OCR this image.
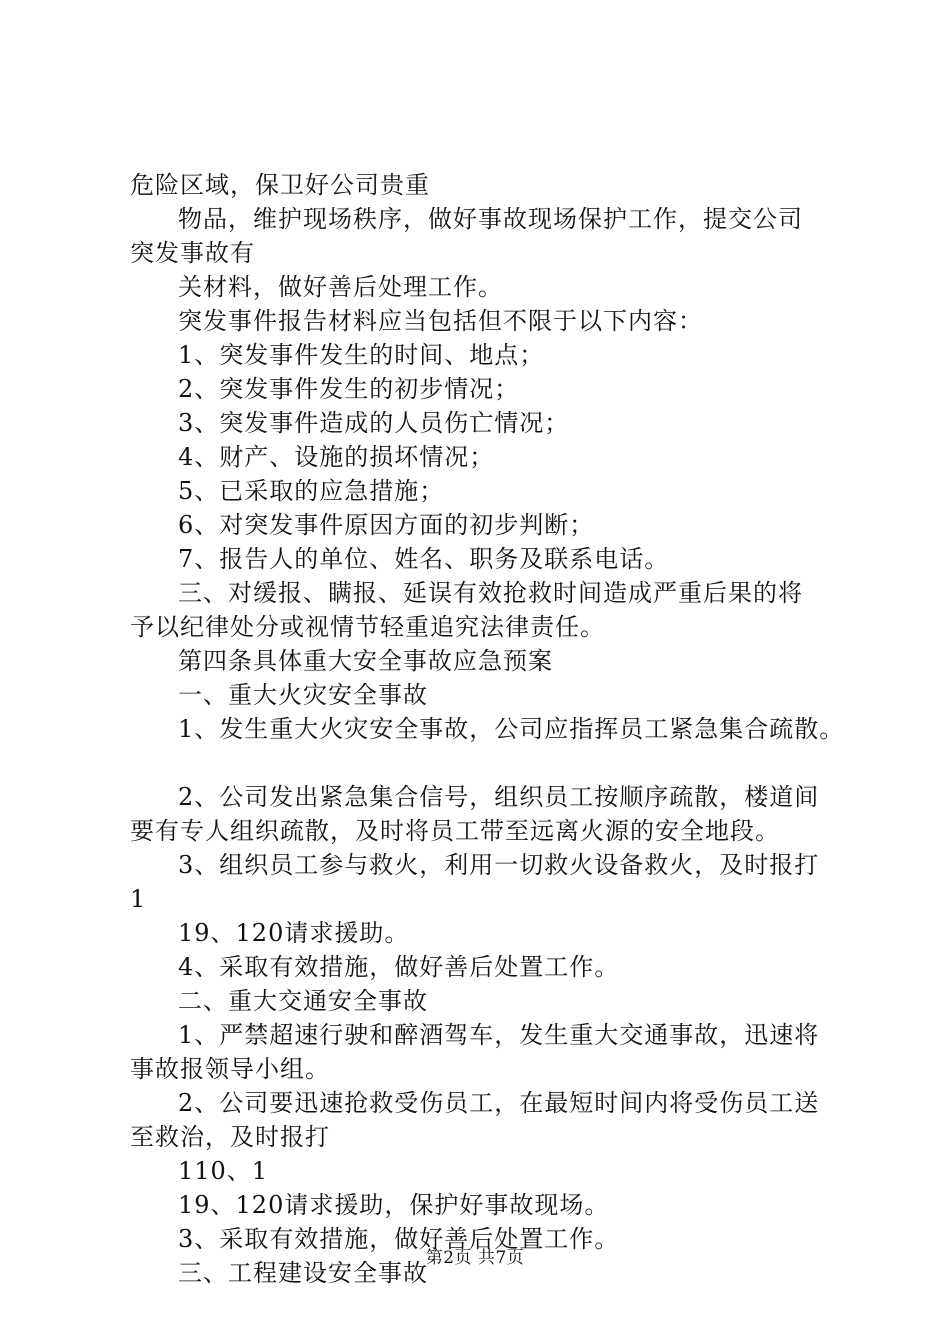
危险区域，保卫好公司贵重
物品，维护现场秩序，做好事故现场保护工作，提交公司
突发事故有
关材料，做好善后处理工作。
突发事件报告材料应当包括但不限于以下内容：
1、突发事件发生的时间、地点；
2、突发事件发生的初步情况；
3、突发事件造成的人员伤亡情况；
4、财产、设施的损坏情况；
5、已采取的应急措施；
6、对突发事件原因方面的初步判断；
7、报告人的单位、姓名、职务及联系电话。
三、对缓报、瞒报、延误有效抢救时间造成严重后果的将
予以纪律处分或视情节轻重追究法律责任。
第四条具体重大安全事故应急预案
一、重大火灾安全事故
1、发生重大火灾安全事故，公司应指挥员工紧急集合疏散。
2、公司发出紧急集合信号，组织员工按顺序疏散，楼道间
要有专人组织疏散，及时将员工带至远离火源的安全地段。
3、组织员工参与救火，利用一切救火设备救火，及时报打
1
19、120请求援助。
4、采取有效措施，做好善后处置工作。
二、重大交通安全事故
1、严禁超速行驶和醉酒驾车，发生重大交通事故，迅速将
事故报领导小组。
2、公司要迅速抢救受伤员工，在最短时间内将受伤员工送
至救治，及时报打
110、1
19、120请求援助，保护好事故现场。
3、采取有效措施，做好善后处置工作。
三、工程建设安全事故
第2页 共7页
